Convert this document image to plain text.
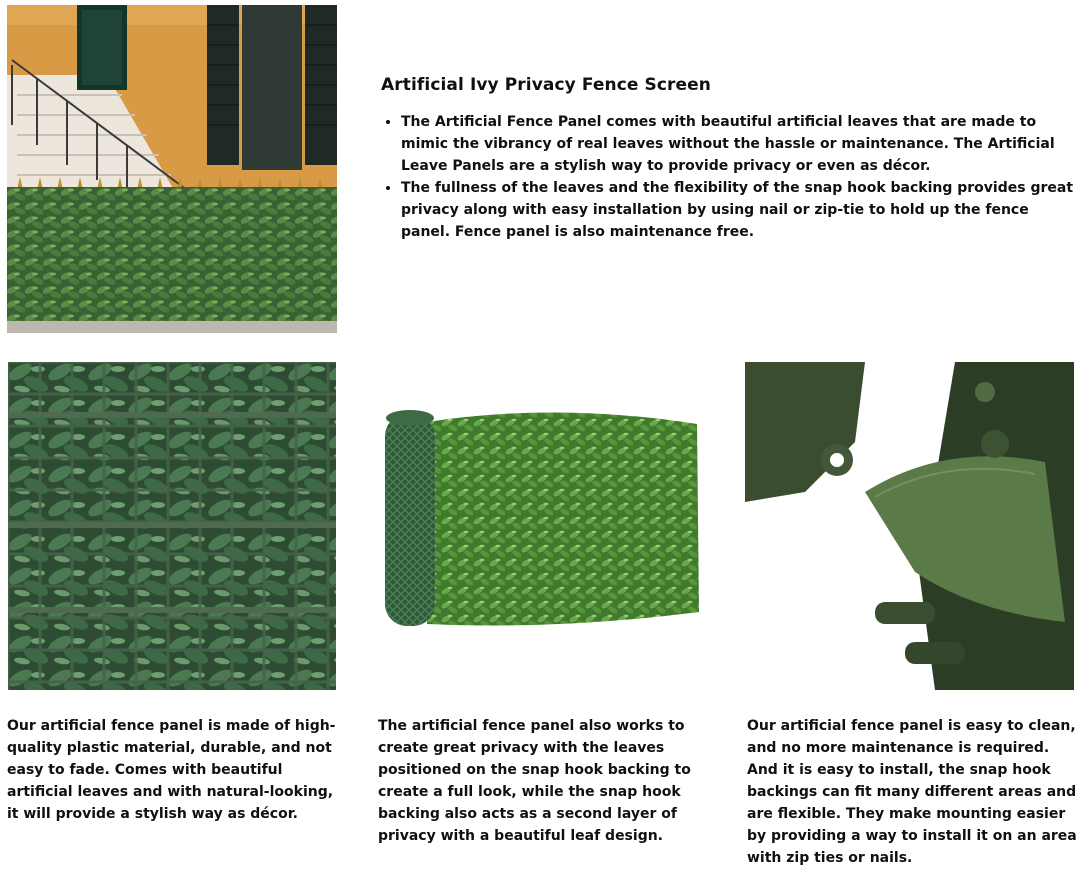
Artificial Ivy Privacy Fence Screen
• The Artificial Fence Panel comes with beautiful artificial leaves that are made to mimic the vibrancy of real leaves without the hassle or maintenance. The Artificial Leave Panels are a stylish way to provide privacy or even as décor.
• The fullness of the leaves and the flexibility of the snap hook backing provides great privacy along with easy installation by using nail or zip-tie to hold up the fence panel. Fence panel is also maintenance free.

Our artificial fence panel is made of high-quality plastic material, durable, and not easy to fade. Comes with beautiful artificial leaves and with natural-looking, it will provide a stylish way as décor.

The artificial fence panel also works to create great privacy with the leaves positioned on the snap hook backing to create a full look, while the snap hook backing also acts as a second layer of privacy with a beautiful leaf design.

Our artificial fence panel is easy to clean, and no more maintenance is required. And it is easy to install, the snap hook backings can fit many different areas and are flexible. They make mounting easier by providing a way to install it on an area with zip ties or nails.
